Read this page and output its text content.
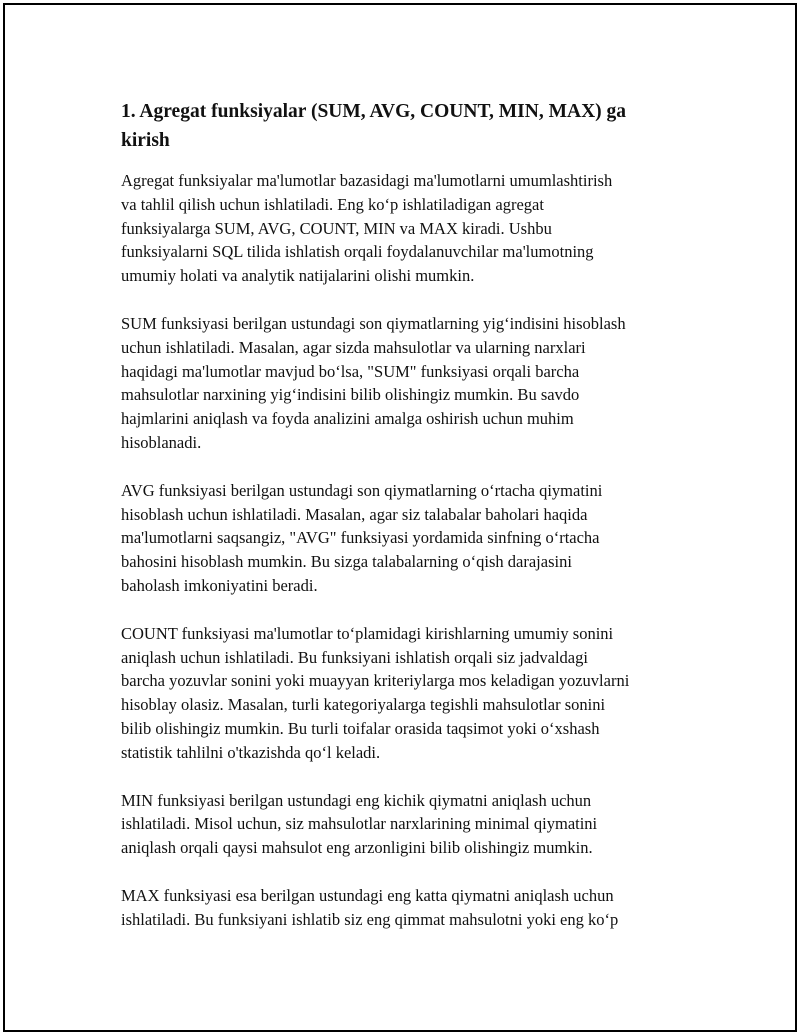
1. Agregat funksiyalar (SUM, AVG, COUNT, MIN, MAX) ga
kirish

Agregat funksiyalar ma'lumotlar bazasidagi ma'lumotlarni umumlashtirish
va tahlil qilish uchun ishlatiladi. Eng ko‘p ishlatiladigan agregat
funksiyalarga SUM, AVG, COUNT, MIN va MAX kiradi. Ushbu
funksiyalarni SQL tilida ishlatish orqali foydalanuvchilar ma'lumotning
umumiy holati va analytik natijalarini olishi mumkin.

SUM funksiyasi berilgan ustundagi son qiymatlarning yig‘indisini hisoblash
uchun ishlatiladi. Masalan, agar sizda mahsulotlar va ularning narxlari
haqidagi ma'lumotlar mavjud bo‘lsa, "SUM" funksiyasi orqali barcha
mahsulotlar narxining yig‘indisini bilib olishingiz mumkin. Bu savdo
hajmlarini aniqlash va foyda analizini amalga oshirish uchun muhim
hisoblanadi.

AVG funksiyasi berilgan ustundagi son qiymatlarning o‘rtacha qiymatini
hisoblash uchun ishlatiladi. Masalan, agar siz talabalar baholari haqida
ma'lumotlarni saqsangiz, "AVG" funksiyasi yordamida sinfning o‘rtacha
bahosini hisoblash mumkin. Bu sizga talabalarning o‘qish darajasini
baholash imkoniyatini beradi.

COUNT funksiyasi ma'lumotlar to‘plamidagi kirishlarning umumiy sonini
aniqlash uchun ishlatiladi. Bu funksiyani ishlatish orqali siz jadvaldagi
barcha yozuvlar sonini yoki muayyan kriteriylarga mos keladigan yozuvlarni
hisoblay olasiz. Masalan, turli kategoriyalarga tegishli mahsulotlar sonini
bilib olishingiz mumkin. Bu turli toifalar orasida taqsimot yoki o‘xshash
statistik tahlilni o'tkazishda qo‘l keladi.

MIN funksiyasi berilgan ustundagi eng kichik qiymatni aniqlash uchun
ishlatiladi. Misol uchun, siz mahsulotlar narxlarining minimal qiymatini
aniqlash orqali qaysi mahsulot eng arzonligini bilib olishingiz mumkin.

MAX funksiyasi esa berilgan ustundagi eng katta qiymatni aniqlash uchun
ishlatiladi. Bu funksiyani ishlatib siz eng qimmat mahsulotni yoki eng ko‘p
